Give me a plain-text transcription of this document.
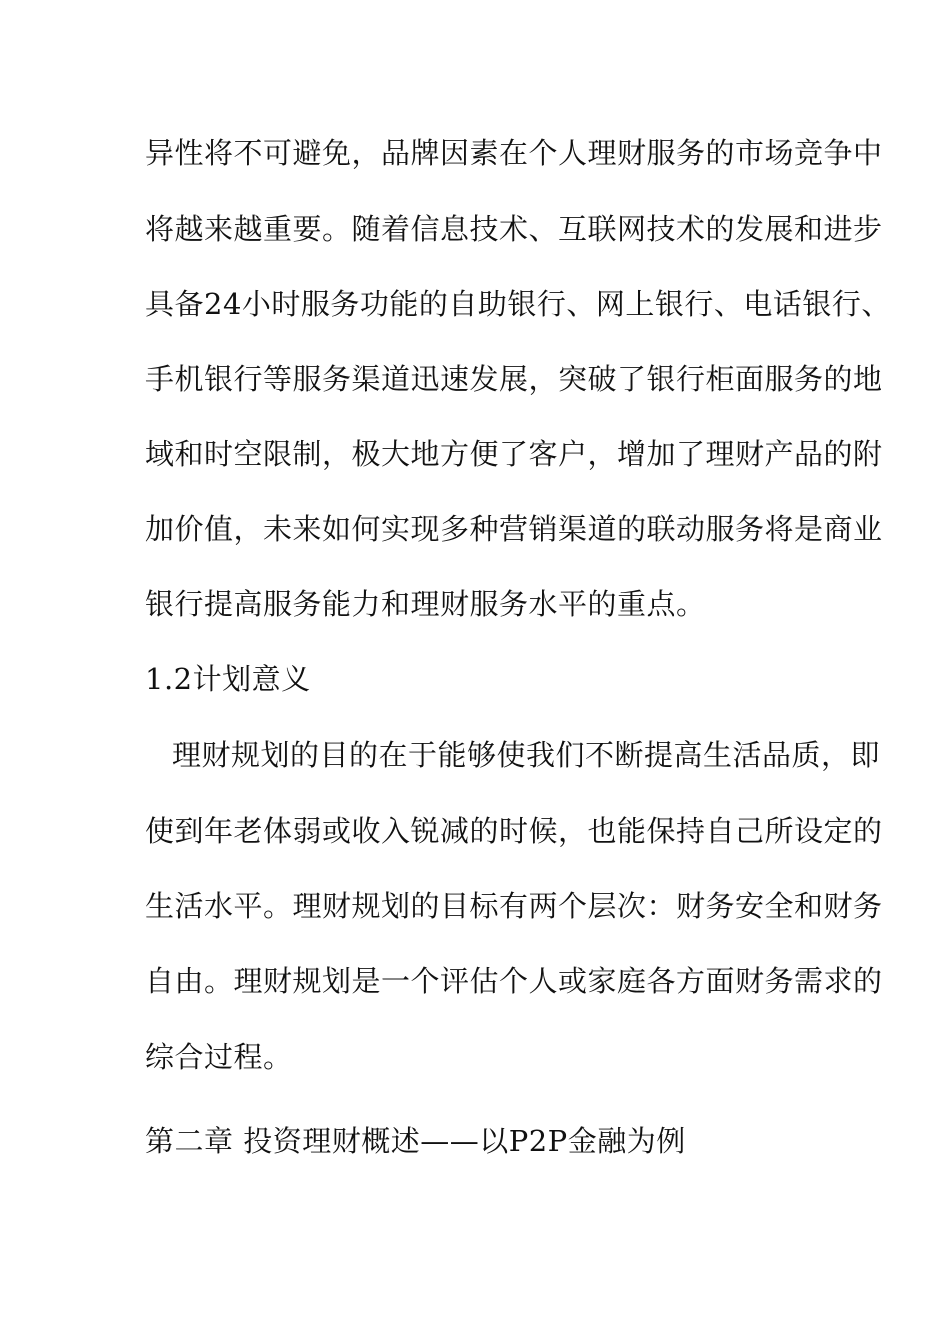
异性将不可避免，品牌因素在个人理财服务的市场竞争中
将越来越重要。随着信息技术、互联网技术的发展和进步
具备24小时服务功能的自助银行、网上银行、电话银行、
手机银行等服务渠道迅速发展，突破了银行柜面服务的地
域和时空限制，极大地方便了客户，增加了理财产品的附
加价值，未来如何实现多种营销渠道的联动服务将是商业
银行提高服务能力和理财服务水平的重点。
1.2计划意义
理财规划的目的在于能够使我们不断提高生活品质，即
使到年老体弱或收入锐减的时候，也能保持自己所设定的
生活水平。理财规划的目标有两个层次：财务安全和财务
自由。理财规划是一个评估个人或家庭各方面财务需求的
综合过程。
第二章 投资理财概述——以P2P金融为例
